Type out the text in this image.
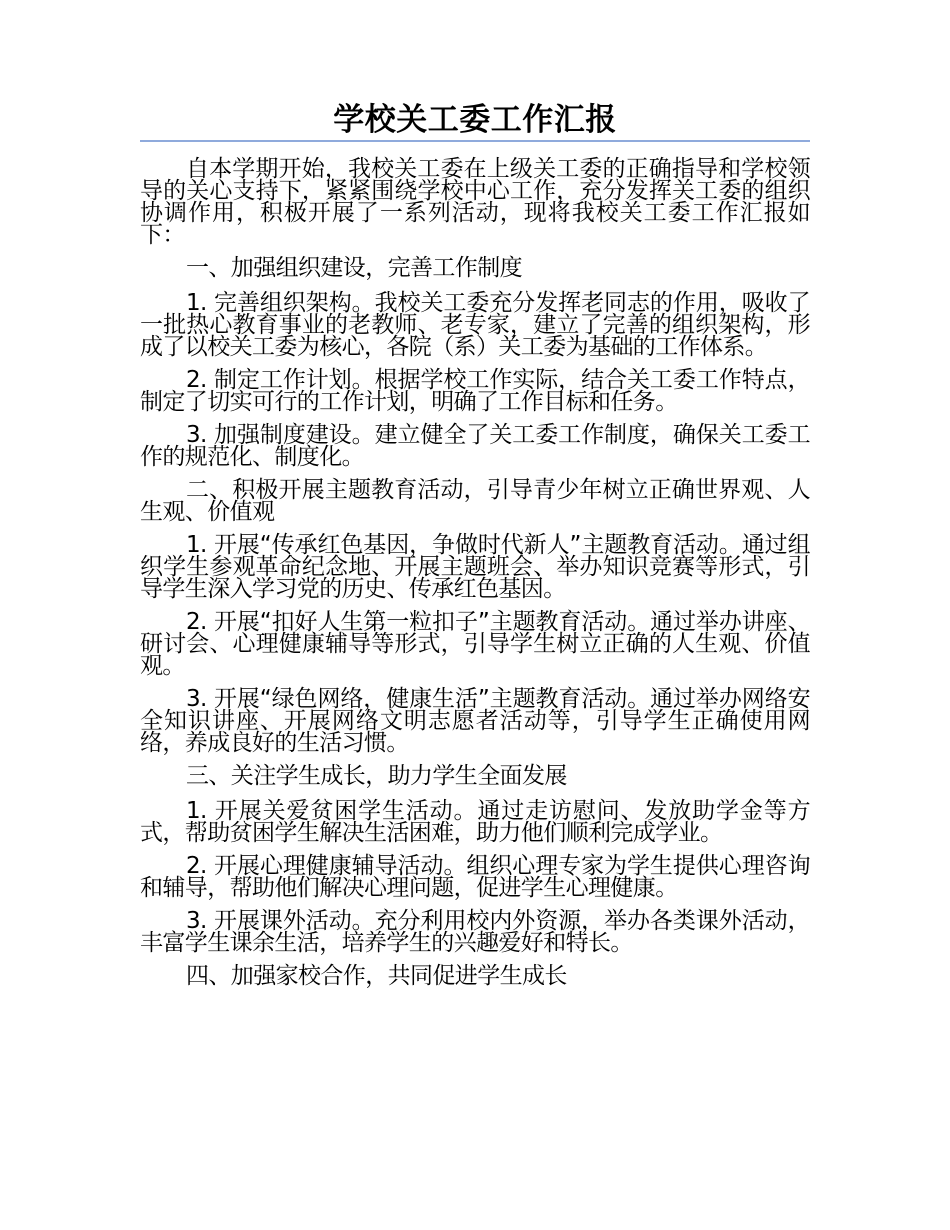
学校关工委工作汇报

自本学期开始，我校关工委在上级关工委的正确指导和学校领导的关心支持下，紧紧围绕学校中心工作，充分发挥关工委的组织协调作用，积极开展了一系列活动，现将我校关工委工作汇报如下：

一、加强组织建设，完善工作制度

1. 完善组织架构。我校关工委充分发挥老同志的作用，吸收了一批热心教育事业的老教师、老专家，建立了完善的组织架构，形成了以校关工委为核心，各院（系）关工委为基础的工作体系。

2. 制定工作计划。根据学校工作实际，结合关工委工作特点，制定了切实可行的工作计划，明确了工作目标和任务。

3. 加强制度建设。建立健全了关工委工作制度，确保关工委工作的规范化、制度化。

二、积极开展主题教育活动，引导青少年树立正确世界观、人生观、价值观

1. 开展“传承红色基因，争做时代新人”主题教育活动。通过组织学生参观革命纪念地、开展主题班会、举办知识竞赛等形式，引导学生深入学习党的历史、传承红色基因。

2. 开展“扣好人生第一粒扣子”主题教育活动。通过举办讲座、研讨会、心理健康辅导等形式，引导学生树立正确的人生观、价值观。

3. 开展“绿色网络，健康生活”主题教育活动。通过举办网络安全知识讲座、开展网络文明志愿者活动等，引导学生正确使用网络，养成良好的生活习惯。

三、关注学生成长，助力学生全面发展

1. 开展关爱贫困学生活动。通过走访慰问、发放助学金等方式，帮助贫困学生解决生活困难，助力他们顺利完成学业。

2. 开展心理健康辅导活动。组织心理专家为学生提供心理咨询和辅导，帮助他们解决心理问题，促进学生心理健康。

3. 开展课外活动。充分利用校内外资源，举办各类课外活动，丰富学生课余生活，培养学生的兴趣爱好和特长。

四、加强家校合作，共同促进学生成长
